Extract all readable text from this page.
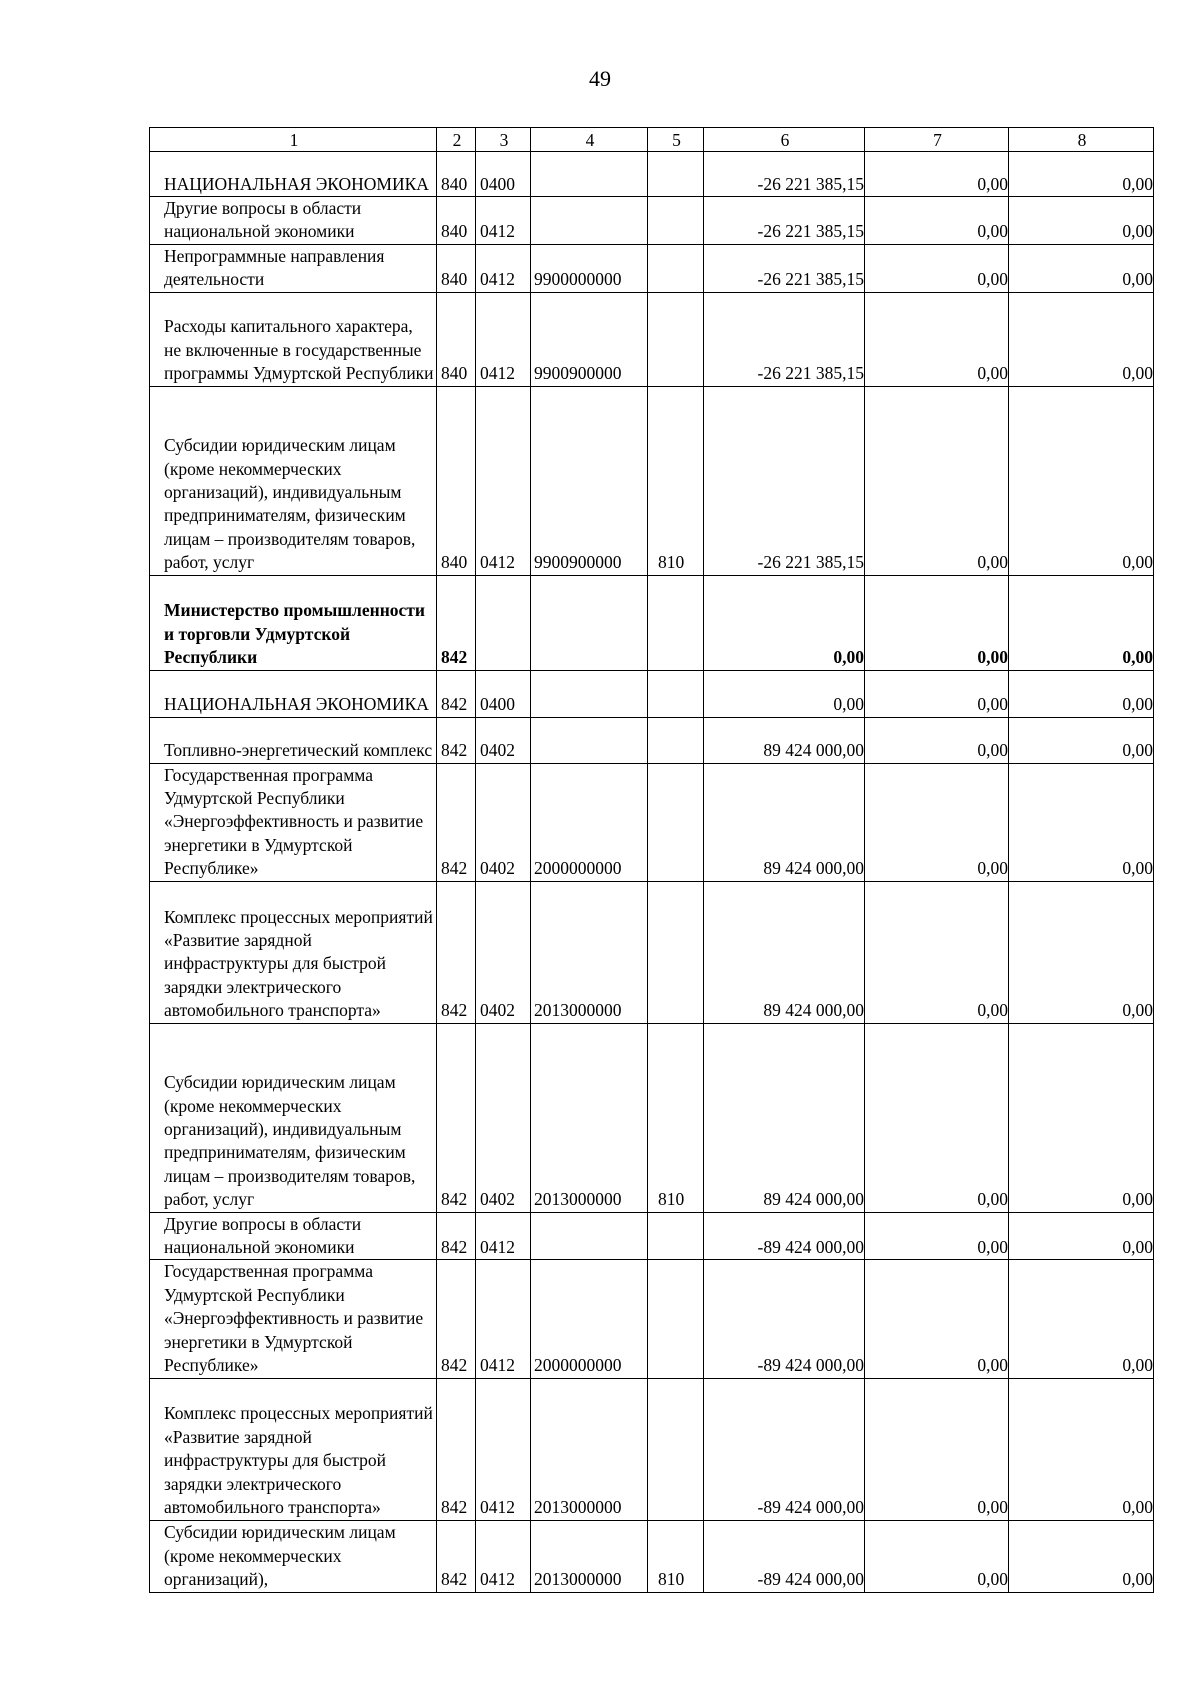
49
1	2	3	4	5	6	7	8
НАЦИОНАЛЬНАЯ ЭКОНОМИКА	840	0400			-26 221 385,15	0,00	0,00
Другие вопросы в области национальной экономики	840	0412			-26 221 385,15	0,00	0,00
Непрограммные направления деятельности	840	0412	9900000000		-26 221 385,15	0,00	0,00
Расходы капитального характера, не включенные в государственные программы Удмуртской Республики	840	0412	9900900000		-26 221 385,15	0,00	0,00
Субсидии юридическим лицам (кроме некоммерческих организаций), индивидуальным предпринимателям, физическим лицам – производителям товаров, работ, услуг	840	0412	9900900000	810	-26 221 385,15	0,00	0,00
Министерство промышленности и торговли Удмуртской Республики	842				0,00	0,00	0,00
НАЦИОНАЛЬНАЯ ЭКОНОМИКА	842	0400			0,00	0,00	0,00
Топливно-энергетический комплекс	842	0402			89 424 000,00	0,00	0,00
Государственная программа Удмуртской Республики «Энергоэффективность и развитие энергетики в Удмуртской Республике»	842	0402	2000000000		89 424 000,00	0,00	0,00
Комплекс процессных мероприятий «Развитие зарядной инфраструктуры для быстрой зарядки электрического автомобильного транспорта»	842	0402	2013000000		89 424 000,00	0,00	0,00
Субсидии юридическим лицам (кроме некоммерческих организаций), индивидуальным предпринимателям, физическим лицам – производителям товаров, работ, услуг	842	0402	2013000000	810	89 424 000,00	0,00	0,00
Другие вопросы в области национальной экономики	842	0412			-89 424 000,00	0,00	0,00
Государственная программа Удмуртской Республики «Энергоэффективность и развитие энергетики в Удмуртской Республике»	842	0412	2000000000		-89 424 000,00	0,00	0,00
Комплекс процессных мероприятий «Развитие зарядной инфраструктуры для быстрой зарядки электрического автомобильного транспорта»	842	0412	2013000000		-89 424 000,00	0,00	0,00
Субсидии юридическим лицам (кроме некоммерческих организаций),	842	0412	2013000000	810	-89 424 000,00	0,00	0,00
